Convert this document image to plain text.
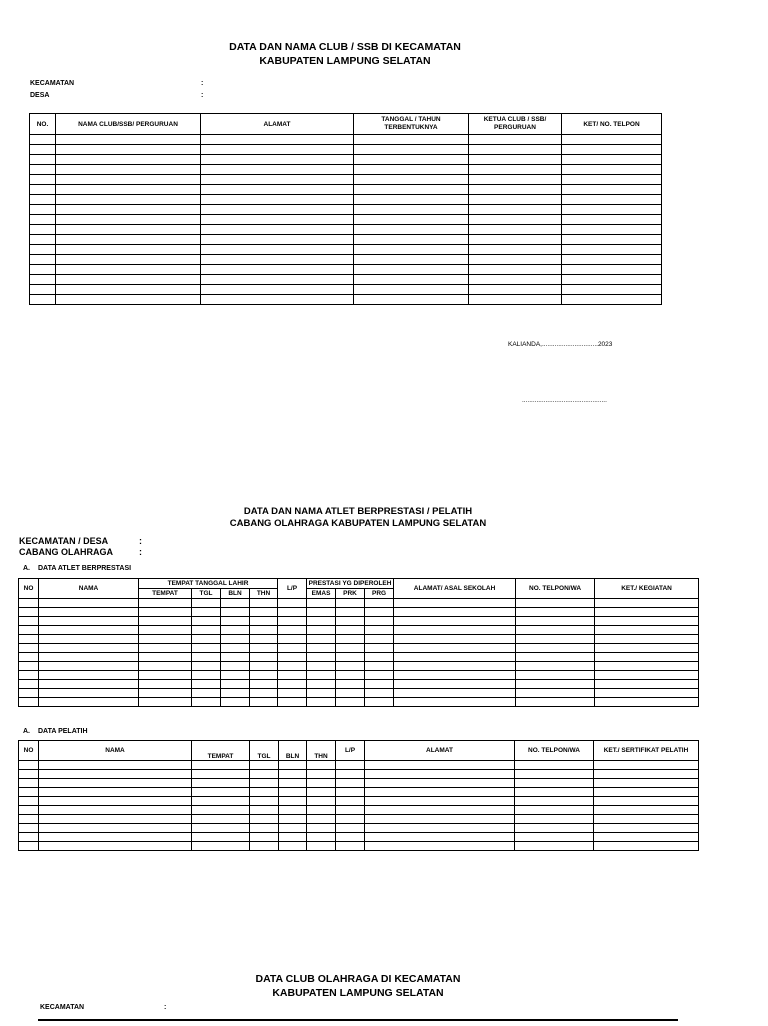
DATA DAN NAMA CLUB / SSB DI KECAMATAN
KABUPATEN LAMPUNG SELATAN
KECAMATAN	:
DESA	:
NO.	NAMA CLUB/SSB/ PERGURUAN	ALAMAT	TANGGAL / TAHUN TERBENTUKNYA	KETUA CLUB / SSB/ PERGURUAN	KET/ NO. TELPON

KALIANDA,...............................2023
...............................................
DATA DAN NAMA ATLET BERPRESTASI / PELATIH
CABANG OLAHRAGA KABUPATEN LAMPUNG SELATAN
KECAMATAN / DESA	:
CABANG OLAHRAGA	:
A. DATA ATLET BERPRESTASI
NO	NAMA	TEMPAT TANGGAL LAHIR				L/P	PRESTASI YG DIPEROLEH			ALAMAT/ ASAL SEKOLAH	NO. TELPON/WA	KET./ KEGIATAN
		TEMPAT	TGL	BLN	THN		EMAS	PRK	PRG			

A. DATA PELATIH
NO	NAMA	TEMPAT	TGL	BLN	THN	L/P	ALAMAT	NO. TELPON/WA	KET./ SERTIFIKAT PELATIH

DATA CLUB OLAHRAGA DI KECAMATAN
KABUPATEN LAMPUNG SELATAN
KECAMATAN	:
